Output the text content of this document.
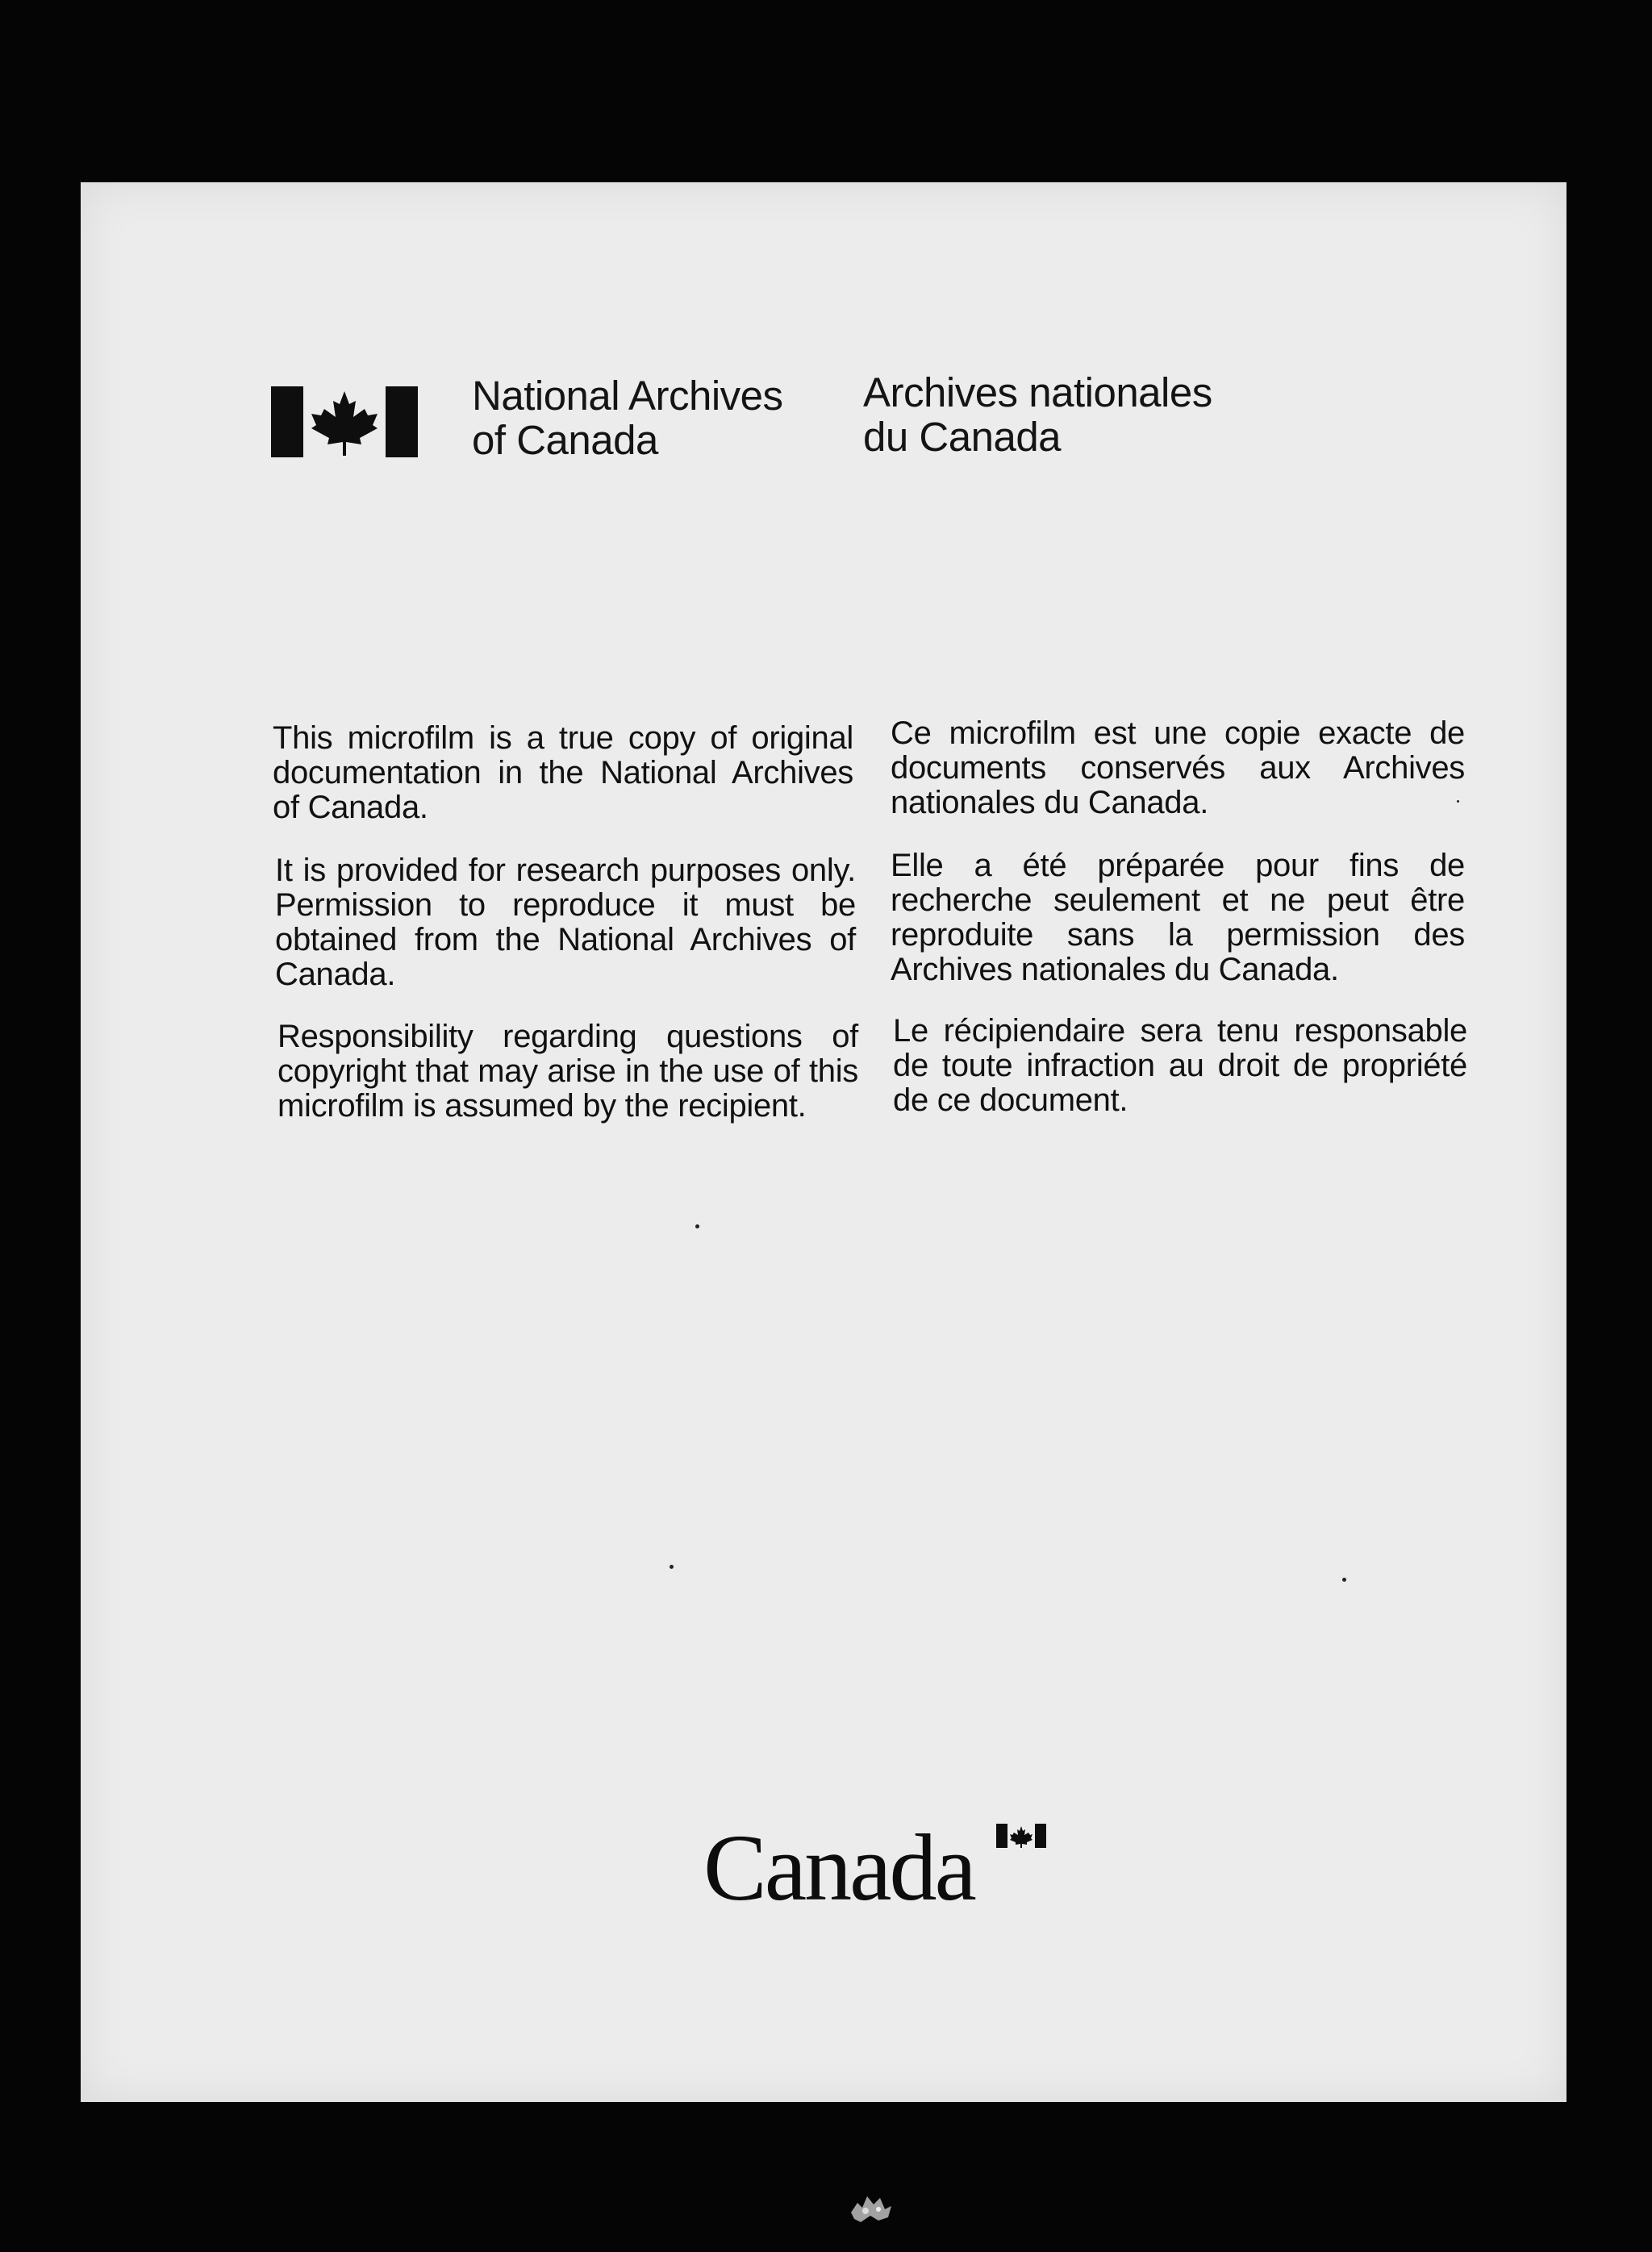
National Archives
of Canada
Archives nationales
du Canada

This microfilm is a true copy of original documentation in the National Archives of Canada.

It is provided for research purposes only. Permission to reproduce it must be obtained from the National Archives of Canada.

Responsibility regarding questions of copyright that may arise in the use of this microfilm is assumed by the recipient.

Ce microfilm est une copie exacte de documents conservés aux Archives nationales du Canada.

Elle a été préparée pour fins de recherche seulement et ne peut être reproduite sans la permission des Archives nationales du Canada.

Le récipiendaire sera tenu responsable de toute infraction au droit de propriété de ce document.

Canada
